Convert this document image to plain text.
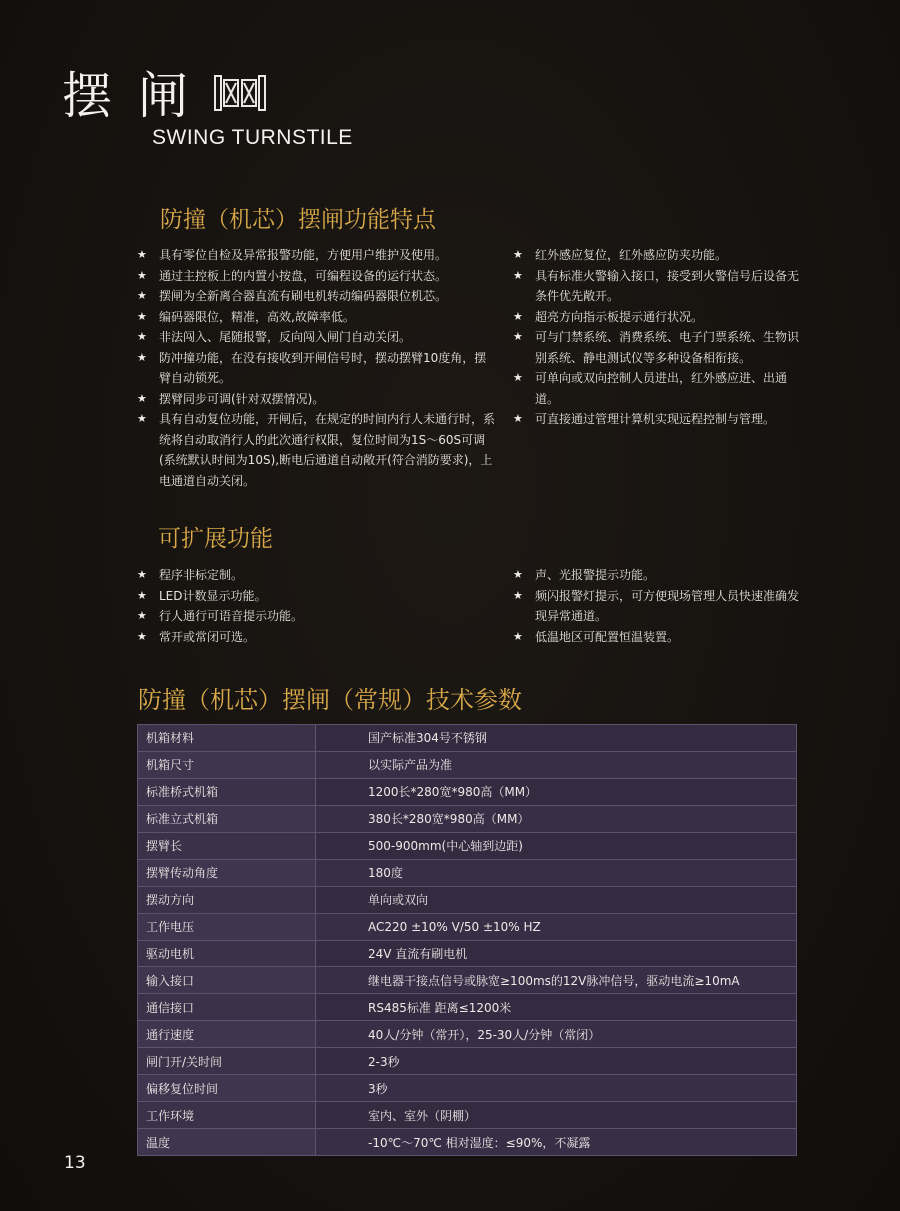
摆闸
SWING TURNSTILE
防撞（机芯）摆闸功能特点
★ 具有零位自检及异常报警功能，方便用户维护及使用。
★ 通过主控板上的内置小按盘，可编程设备的运行状态。
★ 摆闸为全新离合器直流有刷电机转动编码器限位机芯。
★ 编码器限位，精准，高效,故障率低。
★ 非法闯入、尾随报警，反向闯入闸门自动关闭。
★ 防冲撞功能，在没有接收到开闸信号时，摆动摆臂10度角，摆臂自动锁死。
★ 摆臂同步可调(针对双摆情况)。
★ 具有自动复位功能，开闸后，在规定的时间内行人未通行时，系统将自动取消行人的此次通行权限，复位时间为1S～60S可调(系统默认时间为10S),断电后通道自动敞开(符合消防要求)，上电通道自动关闭。
★ 红外感应复位，红外感应防夹功能。
★ 具有标准火警输入接口，接受到火警信号后设备无条件优先敞开。
★ 超亮方向指示板提示通行状况。
★ 可与门禁系统、消费系统、电子门票系统、生物识别系统、静电测试仪等多种设备相衔接。
★ 可单向或双向控制人员进出，红外感应进、出通道。
★ 可直接通过管理计算机实现远程控制与管理。
可扩展功能
★ 程序非标定制。
★ LED计数显示功能。
★ 行人通行可语音提示功能。
★ 常开或常闭可选。
★ 声、光报警提示功能。
★ 频闪报警灯提示，可方便现场管理人员快速准确发现异常通道。
★ 低温地区可配置恒温装置。
防撞（机芯）摆闸（常规）技术参数
机箱材料	国产标准304号不锈钢
机箱尺寸	以实际产品为准
标准桥式机箱	1200长*280宽*980高（MM）
标准立式机箱	380长*280宽*980高（MM）
摆臂长	500-900mm(中心轴到边距)
摆臂传动角度	180度
摆动方向	单向或双向
工作电压	AC220 ±10% V/50 ±10% HZ
驱动电机	24V 直流有刷电机
输入接口	继电器干接点信号或脉宽≥100ms的12V脉冲信号，驱动电流≥10mA
通信接口	RS485标准 距离≤1200米
通行速度	40人/分钟（常开），25-30人/分钟（常闭）
闸门开/关时间	2-3秒
偏移复位时间	3秒
工作环境	室内、室外（阴棚）
温度	-10℃～70℃ 相对湿度：≤90%，不凝露
13
